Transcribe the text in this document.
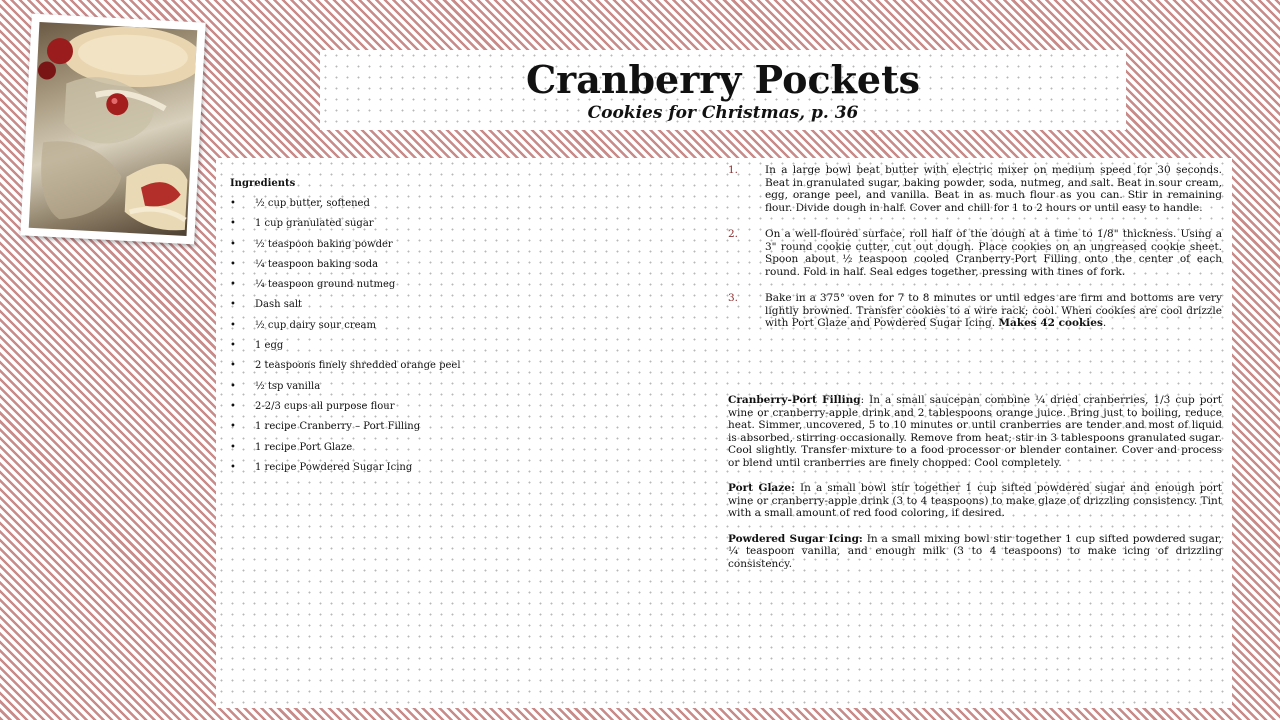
Cranberry Pockets

Cookies for Christmas, p. 36

Ingredients

• ½ cup butter, softened
• 1 cup granulated sugar
• ½ teaspoon baking powder
• ¼ teaspoon baking soda
• ¼ teaspoon ground nutmeg
• Dash salt
• ½ cup dairy sour cream
• 1 egg
• 2 teaspoons finely shredded orange peel
• ½ tsp vanilla
• 2-2/3 cups all purpose flour
• 1 recipe Cranberry – Port Filling
• 1 recipe Port Glaze
• 1 recipe Powdered Sugar Icing
1.	In a large bowl beat butter with electric mixer on medium speed for 30 seconds. Beat in granulated sugar, baking powder, soda, nutmeg, and salt. Beat in sour cream, egg, orange peel, and vanilla. Beat in as much flour as you can. Stir in remaining flour. Divide dough in half. Cover and chill for 1 to 2 hours or until easy to handle.
2.	On a well-floured surface, roll half of the dough at a time to 1/8" thickness. Using a 3" round cookie cutter, cut out dough. Place cookies on an ungreased cookie sheet. Spoon about ½ teaspoon cooled Cranberry-Port Filling onto the center of each round. Fold in half. Seal edges together, pressing with tines of fork.
3.	Bake in a 375° oven for 7 to 8 minutes or until edges are firm and bottoms are very lightly browned. Transfer cookies to a wire rack; cool. When cookies are cool drizzle with Port Glaze and Powdered Sugar Icing. Makes 42 cookies.

Cranberry-Port Filling: In a small saucepan combine ¼ dried cranberries, 1/3 cup port wine or cranberry-apple drink and 2 tablespoons orange juice. Bring just to boiling, reduce heat. Simmer, uncovered, 5 to 10 minutes or until cranberries are tender and most of liquid is absorbed, stirring occasionally. Remove from heat; stir in 3 tablespoons granulated sugar. Cool slightly. Transfer mixture to a food processor or blender container. Cover and process or blend until cranberries are finely chopped. Cool completely.

Port Glaze: In a small bowl stir together 1 cup sifted powdered sugar and enough port wine or cranberry-apple drink (3 to 4 teaspoons) to make glaze of drizzling consistency. Tint with a small amount of red food coloring, if desired.

Powdered Sugar Icing: In a small mixing bowl stir together 1 cup sifted powdered sugar, ¼ teaspoon vanilla, and enough milk (3 to 4 teaspoons) to make icing of drizzling consistency.
